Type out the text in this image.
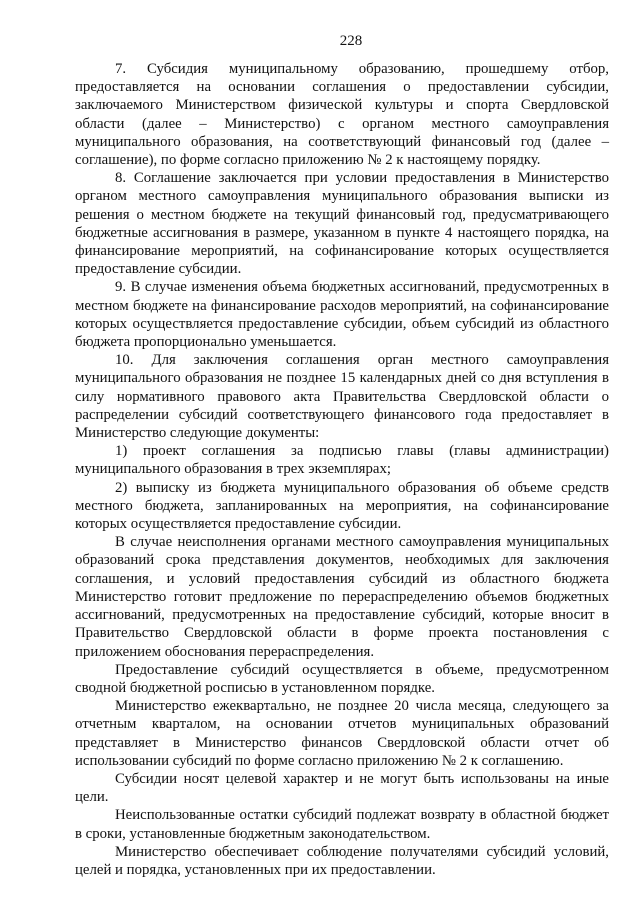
228

7. Субсидия муниципальному образованию, прошедшему отбор, предоставляется на основании соглашения о предоставлении субсидии, заключаемого Министерством физической культуры и спорта Свердловской области (далее – Министерство) с органом местного самоуправления муниципального образования, на соответствующий финансовый год (далее – соглашение), по форме согласно приложению № 2 к настоящему порядку.

8. Соглашение заключается при условии предоставления в Министерство органом местного самоуправления муниципального образования выписки из решения о местном бюджете на текущий финансовый год, предусматривающего бюджетные ассигнования в размере, указанном в пункте 4 настоящего порядка, на финансирование мероприятий, на софинансирование которых осуществляется предоставление субсидии.

9. В случае изменения объема бюджетных ассигнований, предусмотренных в местном бюджете на финансирование расходов мероприятий, на софинансирование которых осуществляется предоставление субсидии, объем субсидий из областного бюджета пропорционально уменьшается.

10. Для заключения соглашения орган местного самоуправления муниципального образования не позднее 15 календарных дней со дня вступления в силу нормативного правового акта Правительства Свердловской области о распределении субсидий соответствующего финансового года предоставляет в Министерство следующие документы:

1) проект соглашения за подписью главы (главы администрации) муниципального образования в трех экземплярах;

2) выписку из бюджета муниципального образования об объеме средств местного бюджета, запланированных на мероприятия, на софинансирование которых осуществляется предоставление субсидии.

В случае неисполнения органами местного самоуправления муниципальных образований срока представления документов, необходимых для заключения соглашения, и условий предоставления субсидий из областного бюджета Министерство готовит предложение по перераспределению объемов бюджетных ассигнований, предусмотренных на предоставление субсидий, которые вносит в Правительство Свердловской области в форме проекта постановления с приложением обоснования перераспределения.

Предоставление субсидий осуществляется в объеме, предусмотренном сводной бюджетной росписью в установленном порядке.

Министерство ежеквартально, не позднее 20 числа месяца, следующего за отчетным кварталом, на основании отчетов муниципальных образований представляет в Министерство финансов Свердловской области отчет об использовании субсидий по форме согласно приложению № 2 к соглашению.

Субсидии носят целевой характер и не могут быть использованы на иные цели.

Неиспользованные остатки субсидий подлежат возврату в областной бюджет в сроки, установленные бюджетным законодательством.

Министерство обеспечивает соблюдение получателями субсидий условий, целей и порядка, установленных при их предоставлении.
